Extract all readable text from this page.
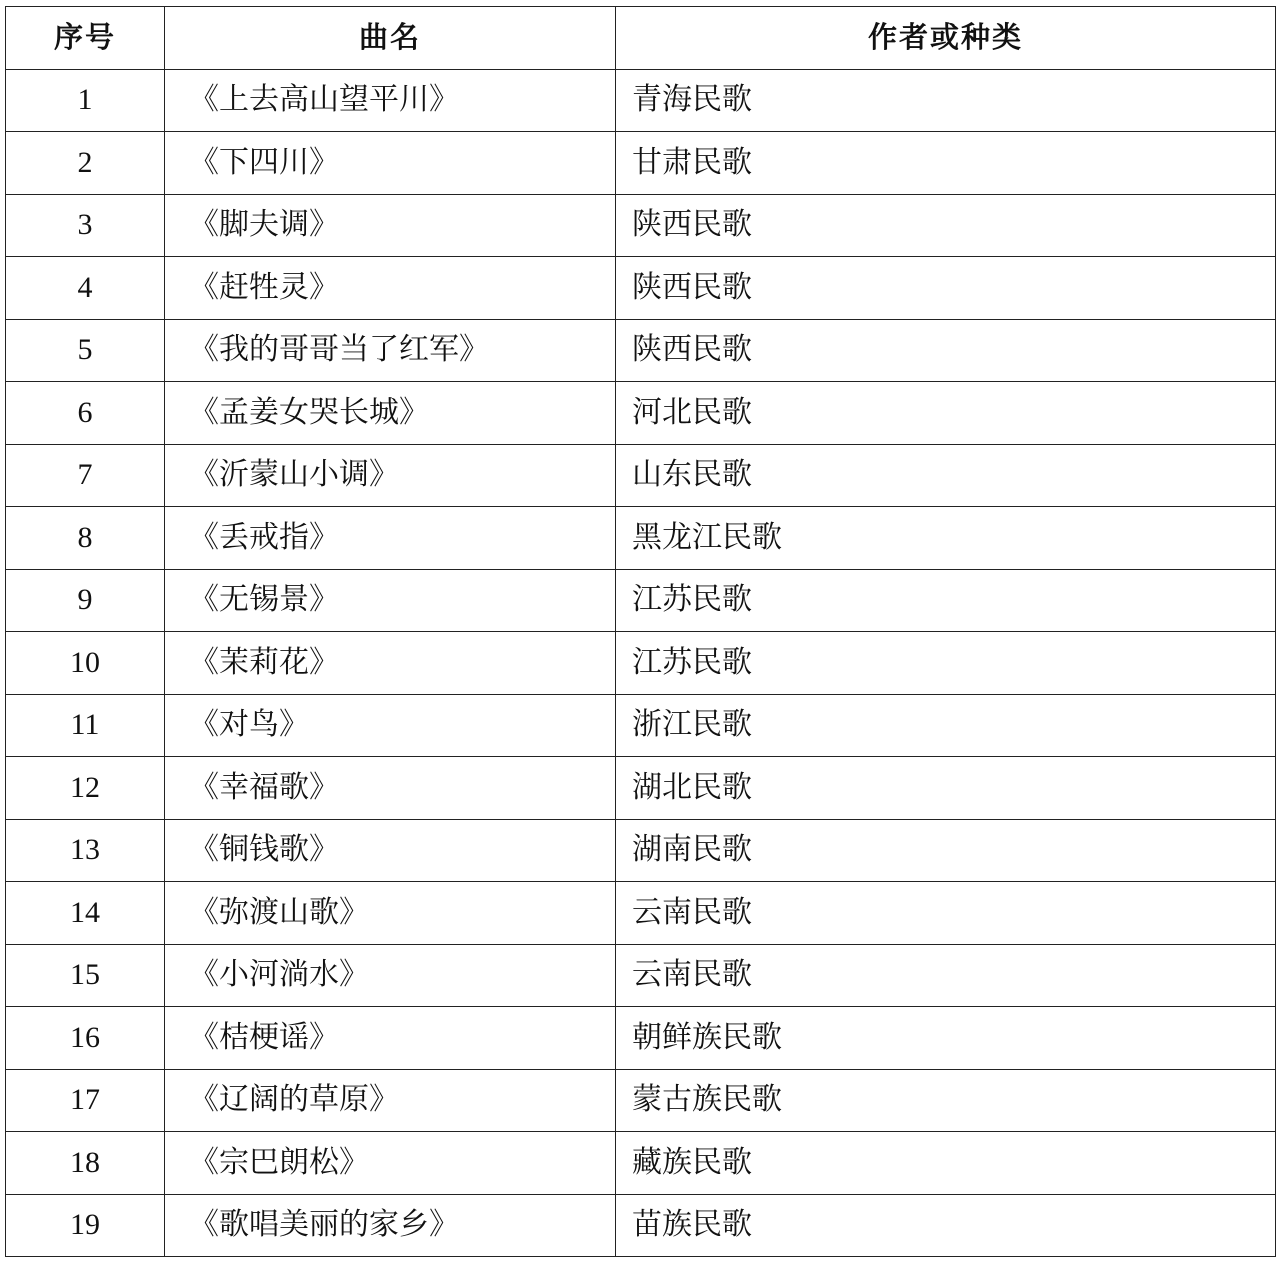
序号	曲名	作者或种类
1	《上去高山望平川》	青海民歌
2	《下四川》	甘肃民歌
3	《脚夫调》	陕西民歌
4	《赶牲灵》	陕西民歌
5	《我的哥哥当了红军》	陕西民歌
6	《孟姜女哭长城》	河北民歌
7	《沂蒙山小调》	山东民歌
8	《丢戒指》	黑龙江民歌
9	《无锡景》	江苏民歌
10	《茉莉花》	江苏民歌
11	《对鸟》	浙江民歌
12	《幸福歌》	湖北民歌
13	《铜钱歌》	湖南民歌
14	《弥渡山歌》	云南民歌
15	《小河淌水》	云南民歌
16	《桔梗谣》	朝鲜族民歌
17	《辽阔的草原》	蒙古族民歌
18	《宗巴朗松》	藏族民歌
19	《歌唱美丽的家乡》	苗族民歌
